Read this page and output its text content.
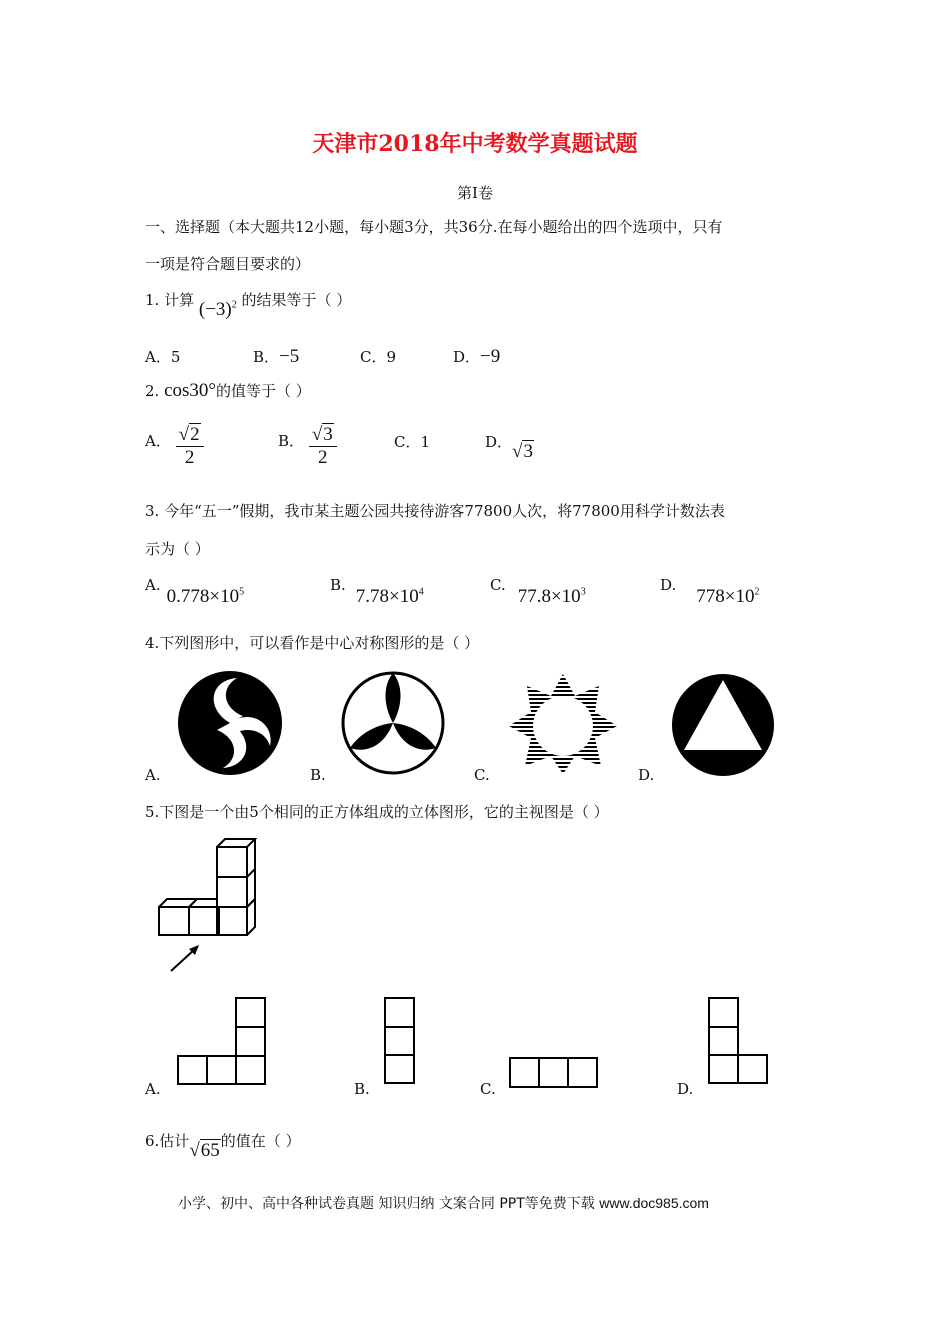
天津市2018年中考数学真题试题
第Ⅰ卷
一、选择题（本大题共12小题，每小题3分，共36分.在每小题给出的四个选项中，只有
一项是符合题目要求的）
1. 计算 $(-3)^2$ 的结果等于（ ）
A．5	B．−5	C．9	D．−9
2. cos30°的值等于（ ）
A． $\frac{√2}{2}$	B． $\frac{√3}{2}$	C．1	D．√3
3. 今年“五一”假期，我市某主题公园共接待游客77800人次，将77800用科学计数法表
示为（ ）
$A.0.778\times 10^5$	$B.7.78\times 10^4$	$C.77.8\times 10^3$	$D.778\times 10^2$
4.下列图形中，可以看作是中心对称图形的是（ ）
A.	B.	C.	D.
5.下图是一个由5个相同的正方体组成的立体图形，它的主视图是（ ）
A.	B.	C.	D.
6.估计√65的值在（ ）
小学、初中、高中各种试卷真题 知识归纳 文案合同 PPT等免费下载 www.doc985.com
